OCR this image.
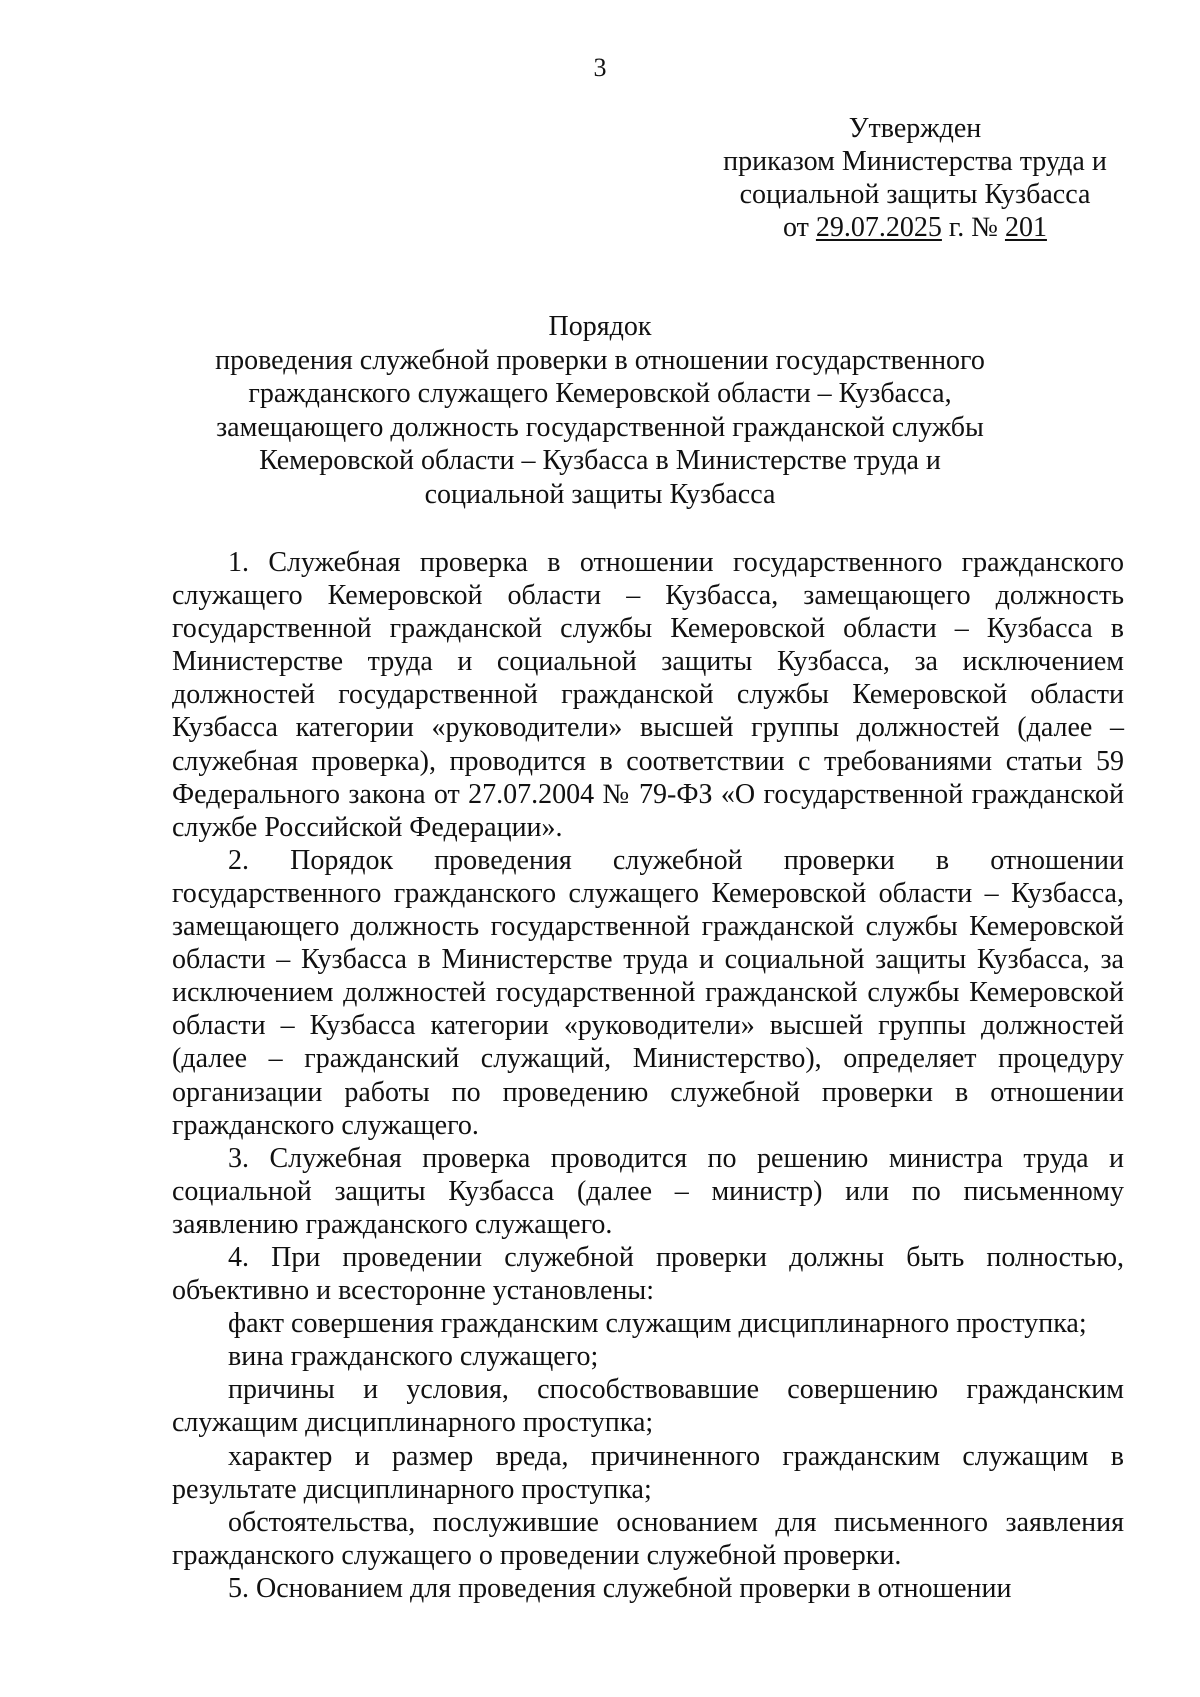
3
Утвержден
приказом Министерства труда и
социальной защиты Кузбасса
от 29.07.2025 г. № 201
Порядок
проведения служебной проверки в отношении государственного
гражданского служащего Кемеровской области – Кузбасса,
замещающего должность государственной гражданской службы
Кемеровской области – Кузбасса в Министерстве труда и
социальной защиты Кузбасса

1. Служебная проверка в отношении государственного гражданского служащего Кемеровской области – Кузбасса, замещающего должность государственной гражданской службы Кемеровской области – Кузбасса в Министерстве труда и социальной защиты Кузбасса, за исключением должностей государственной гражданской службы Кемеровской области Кузбасса категории «руководители» высшей группы должностей (далее – служебная проверка), проводится в соответствии с требованиями статьи 59 Федерального закона от 27.07.2004 № 79-ФЗ «О государственной гражданской службе Российской Федерации».

2. Порядок проведения служебной проверки в отношении государственного гражданского служащего Кемеровской области – Кузбасса, замещающего должность государственной гражданской службы Кемеровской области – Кузбасса в Министерстве труда и социальной защиты Кузбасса, за исключением должностей государственной гражданской службы Кемеровской области – Кузбасса категории «руководители» высшей группы должностей (далее – гражданский служащий, Министерство), определяет процедуру организации работы по проведению служебной проверки в отношении гражданского служащего.

3. Служебная проверка проводится по решению министра труда и социальной защиты Кузбасса (далее – министр) или по письменному заявлению гражданского служащего.

4. При проведении служебной проверки должны быть полностью, объективно и всесторонне установлены:

факт совершения гражданским служащим дисциплинарного проступка;

вина гражданского служащего;

причины и условия, способствовавшие совершению гражданским служащим дисциплинарного проступка;

характер и размер вреда, причиненного гражданским служащим в результате дисциплинарного проступка;

обстоятельства, послужившие основанием для письменного заявления гражданского служащего о проведении служебной проверки.

5. Основанием для проведения служебной проверки в отношении
